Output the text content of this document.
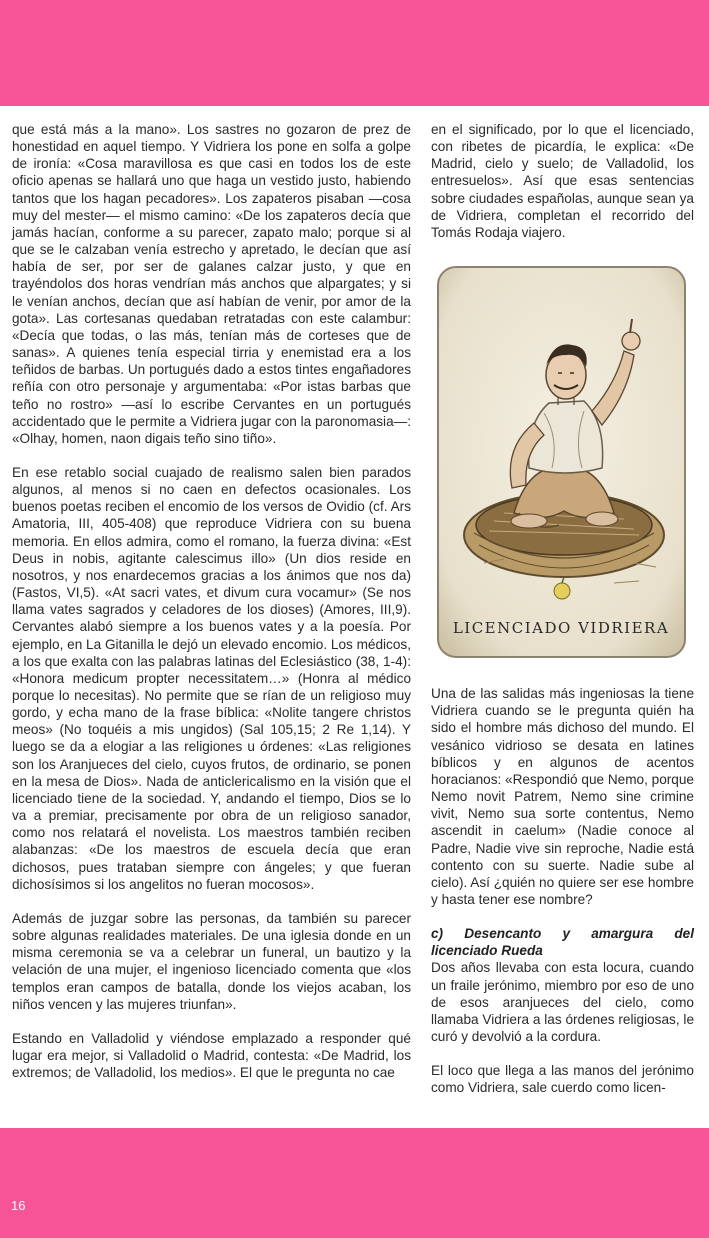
que está más a la mano». Los sastres no gozaron de prez de honestidad en aquel tiempo. Y Vidriera los pone en solfa a golpe de ironía: «Cosa maravillosa es que casi en todos los de este oficio apenas se hallará uno que haga un vestido justo, habiendo tantos que los hagan pecadores». Los zapateros pisaban —cosa muy del mester— el mismo camino: «De los zapateros decía que jamás hacían, conforme a su parecer, zapato malo; porque si al que se le calzaban venía estrecho y apretado, le decían que así había de ser, por ser de galanes calzar justo, y que en trayéndolos dos horas vendrían más anchos que alpargates; y si le venían anchos, decían que así habían de venir, por amor de la gota». Las cortesanas quedaban retratadas con este calambur: «Decía que todas, o las más, tenían más de corteses que de sanas». A quienes tenía especial tirria y enemistad era a los teñidos de barbas. Un portugués dado a estos tintes engañadores reñía con otro personaje y argumentaba: «Por istas barbas que teño no rostro» —así lo escribe Cervantes en un portugués accidentado que le permite a Vidriera jugar con la paronomasia—: «Olhay, homen, naon digais teño sino tiño».

En ese retablo social cuajado de realismo salen bien parados algunos, al menos si no caen en defectos ocasionales. Los buenos poetas reciben el encomio de los versos de Ovidio (cf. Ars Amatoria, III, 405-408) que reproduce Vidriera con su buena memoria. En ellos admira, como el romano, la fuerza divina: «Est Deus in nobis, agitante calescimus illo» (Un dios reside en nosotros, y nos enardecemos gracias a los ánimos que nos da) (Fastos, VI,5). «At sacri vates, et divum cura vocamur» (Se nos llama vates sagrados y celadores de los dioses) (Amores, III,9). Cervantes alabó siempre a los buenos vates y a la poesía. Por ejemplo, en La Gitanilla le dejó un elevado encomio. Los médicos, a los que exalta con las palabras latinas del Eclesiástico (38, 1-4): «Honora medicum propter necessitatem…» (Honra al médico porque lo necesitas). No permite que se rían de un religioso muy gordo, y echa mano de la frase bíblica: «Nolite tangere christos meos» (No toquéis a mis ungidos) (Sal 105,15; 2 Re 1,14). Y luego se da a elogiar a las religiones u órdenes: «Las religiones son los Aranjueces del cielo, cuyos frutos, de ordinario, se ponen en la mesa de Dios». Nada de anticlericalismo en la visión que el licenciado tiene de la sociedad. Y, andando el tiempo, Dios se lo va a premiar, precisamente por obra de un religioso sanador, como nos relatará el novelista. Los maestros también reciben alabanzas: «De los maestros de escuela decía que eran dichosos, pues trataban siempre con ángeles; y que fueran dichosísimos si los angelitos no fueran mocosos».

Además de juzgar sobre las personas, da también su parecer sobre algunas realidades materiales. De una iglesia donde en un misma ceremonia se va a celebrar un funeral, un bautizo y la velación de una mujer, el ingenioso licenciado comenta que «los templos eran campos de batalla, donde los viejos acaban, los niños vencen y las mujeres triunfan».

Estando en Valladolid y viéndose emplazado a responder qué lugar era mejor, si Valladolid o Madrid, contesta: «De Madrid, los extremos; de Valladolid, los medios». El que le pregunta no cae

en el significado, por lo que el licenciado, con ribetes de picardía, le explica: «De Madrid, cielo y suelo; de Valladolid, los entresuelos». Así que esas sentencias sobre ciudades españolas, aunque sean ya de Vidriera, completan el recorrido del Tomás Rodaja viajero.

LICENCIADO VIDRIERA

Una de las salidas más ingeniosas la tiene Vidriera cuando se le pregunta quién ha sido el hombre más dichoso del mundo. El vesánico vidrioso se desata en latines bíblicos y en algunos de acentos horacianos: «Respondió que Nemo, porque Nemo novit Patrem, Nemo sine crimine vivit, Nemo sua sorte contentus, Nemo ascendit in caelum» (Nadie conoce al Padre, Nadie vive sin reproche, Nadie está contento con su suerte. Nadie sube al cielo). Así ¿quién no quiere ser ese hombre y hasta tener ese nombre?

c) Desencanto y amargura del licenciado Rueda

Dos años llevaba con esta locura, cuando un fraile jerónimo, miembro por eso de uno de esos aranjueces del cielo, como llamaba Vidriera a las órdenes religiosas, le curó y devolvió a la cordura.

El loco que llega a las manos del jerónimo como Vidriera, sale cuerdo como licen-

16
